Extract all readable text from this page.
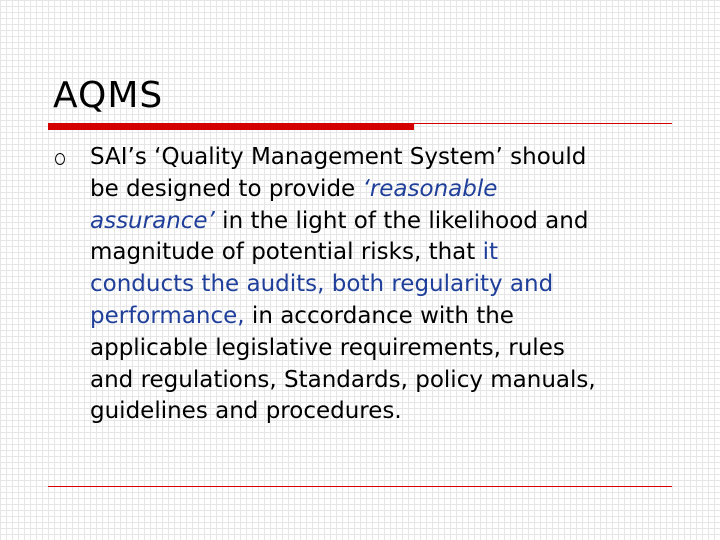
AQMS

SAI’s ‘Quality Management System’ should
be designed to provide ‘reasonable
assurance’ in the light of the likelihood and
magnitude of potential risks, that it
conducts the audits, both regularity and
performance, in accordance with the
applicable legislative requirements, rules
and regulations, Standards, policy manuals,
guidelines and procedures.
